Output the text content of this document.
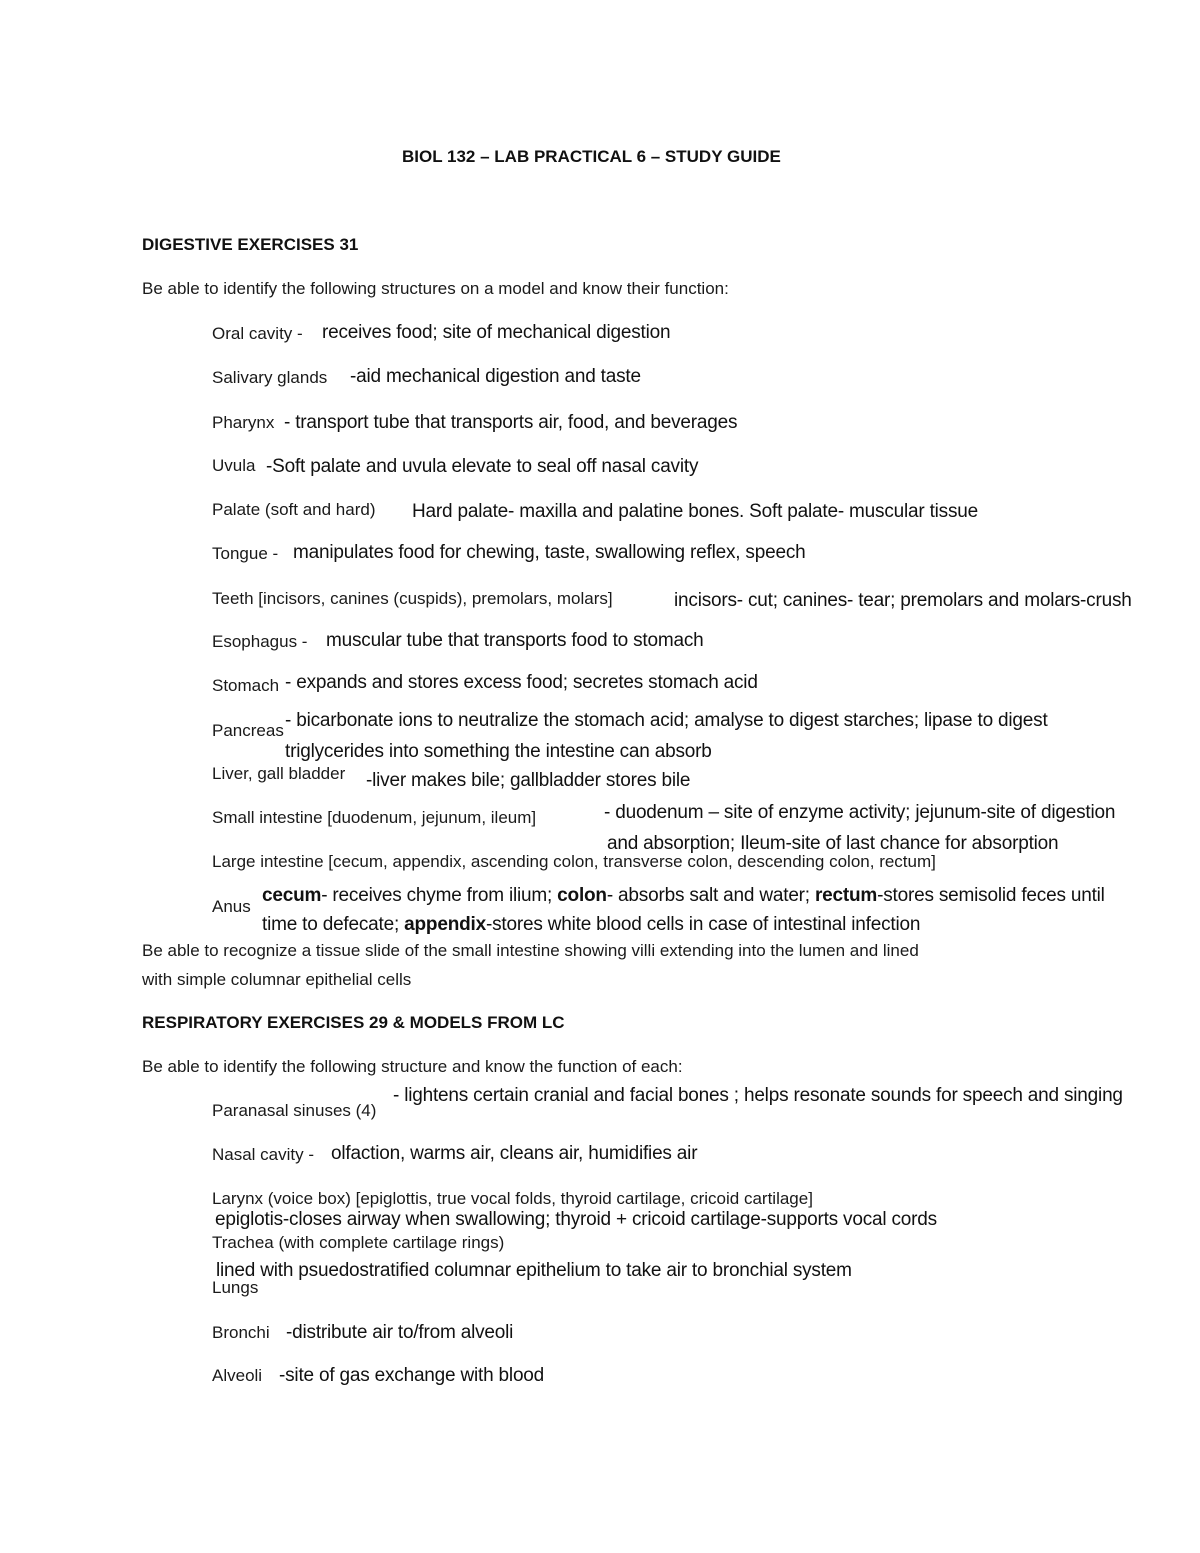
BIOL 132 – LAB PRACTICAL 6 – STUDY GUIDE
DIGESTIVE EXERCISES 31
Be able to identify the following structures on a model and know their function:
Oral cavity - receives food; site of mechanical digestion
Salivary glands -aid mechanical digestion and taste
Pharynx - transport tube that transports air, food, and beverages
Uvula -Soft palate and uvula elevate to seal off nasal cavity
Palate (soft and hard) Hard palate- maxilla and palatine bones. Soft palate- muscular tissue
Tongue - manipulates food for chewing, taste, swallowing reflex, speech
Teeth [incisors, canines (cuspids), premolars, molars]	incisors- cut; canines- tear; premolars and molars-crush
Esophagus - muscular tube that transports food to stomach
Stomach - expands and stores excess food; secretes stomach acid
Pancreas - bicarbonate ions to neutralize the stomach acid; amalyse to digest starches; lipase to digest
triglycerides into something the intestine can absorb
Liver, gall bladder -liver makes bile; gallbladder stores bile
Small intestine [duodenum, jejunum, ileum]	- duodenum – site of enzyme activity; jejunum-site of digestion
and absorption; Ileum-site of last chance for absorption
Large intestine [cecum, appendix, ascending colon, transverse colon, descending colon, rectum]
Anus
cecum- receives chyme from ilium; colon- absorbs salt and water; rectum-stores semisolid feces until
time to defecate; appendix-stores white blood cells in case of intestinal infection
Be able to recognize a tissue slide of the small intestine showing villi extending into the lumen and lined
with simple columnar epithelial cells
RESPIRATORY EXERCISES 29 & MODELS FROM LC
Be able to identify the following structure and know the function of each:
Paranasal sinuses (4)
- lightens certain cranial and facial bones ; helps resonate sounds for speech and singing
Nasal cavity - olfaction, warms air, cleans air, humidifies air
Larynx (voice box) [epiglottis, true vocal folds, thyroid cartilage, cricoid cartilage]
epiglotis-closes airway when swallowing; thyroid + cricoid cartilage-supports vocal cords
Trachea (with complete cartilage rings)
lined with psuedostratified columnar epithelium to take air to bronchial system
Lungs
Bronchi -distribute air to/from alveoli
Alveoli -site of gas exchange with blood
